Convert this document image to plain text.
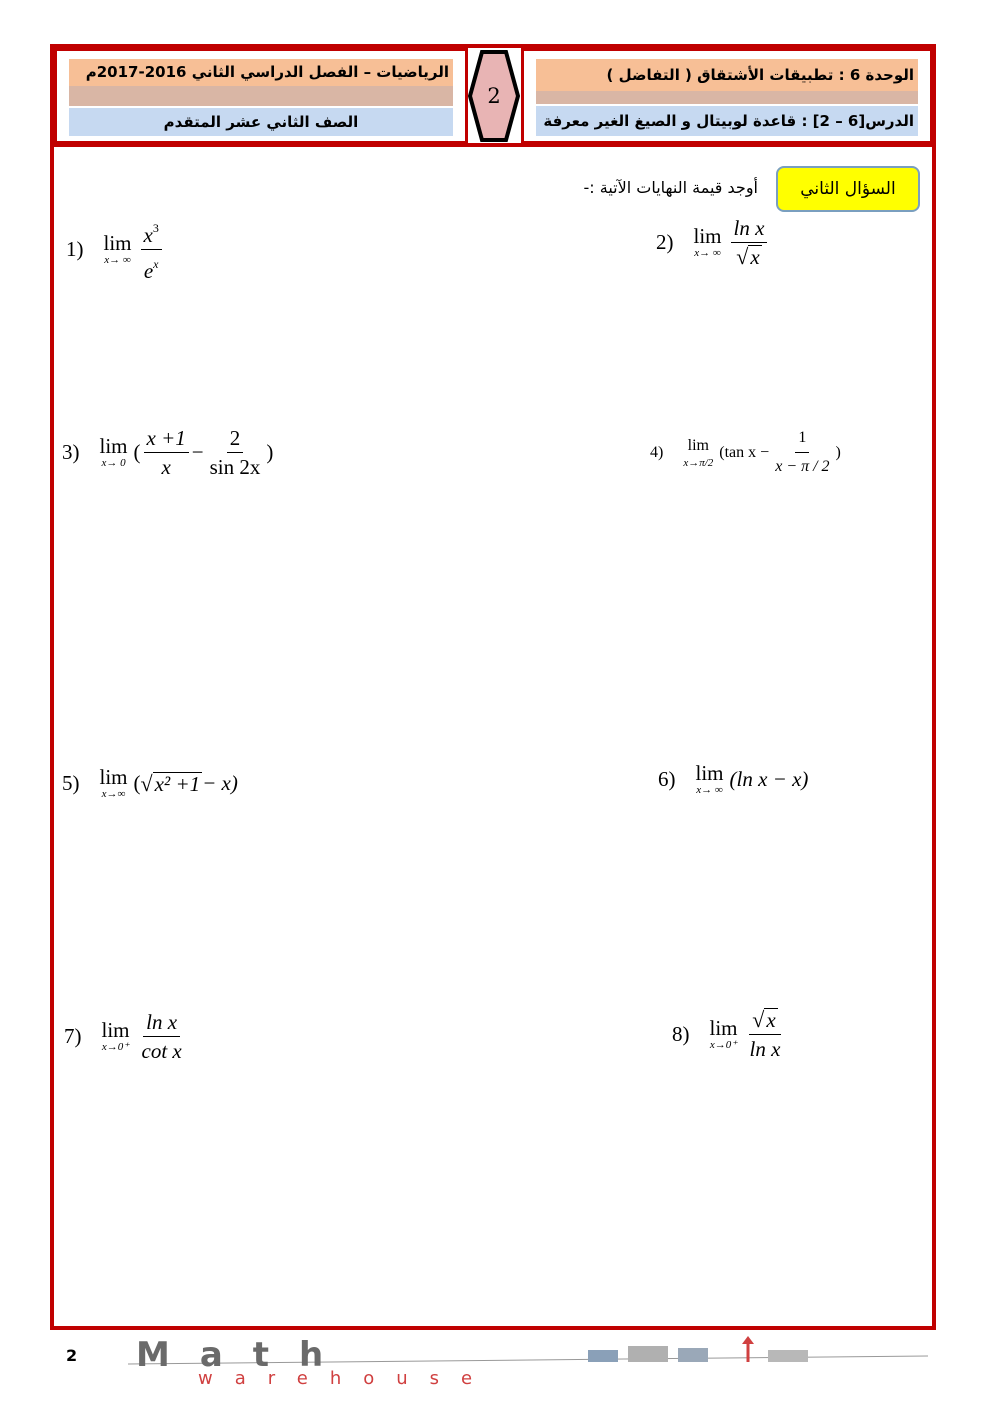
الرياضيات – الفصل الدراسي الثاني 2016-2017م
الصف الثاني عشر المتقدم
2
الوحدة 6 : تطبيقات الأشتقاق ( التفاضل )
الدرس[6 – 2] : قاعدة لوبيتال و الصيغ الغير معرفة
السؤال الثاني
أوجد قيمة النهايات الآتية :-
1) lim
x→ ∞ $\frac{x^3}{e^x}$	2) lim
x→ ∞ $\frac{\text{ln x}}{√ x}$
3) lim
x→ 0 ( $\frac{x +1}{x} - \frac{2}{\sin 2x}$ )	4) lim
x→π/2
(tan $x - \frac{1}{x - \pi / 2}$ )
5) lim
x→∞ ( √ x² +1 − x)	6) lim
x→ ∞ (ln x − x)
7) lim
$x\to 0^+ \frac{\text{ln x}}{\text{cot x}}$	8) lim
$x\to 0^+ \frac{√ x}{\text{ln x}}$
2 Math
warehouse
